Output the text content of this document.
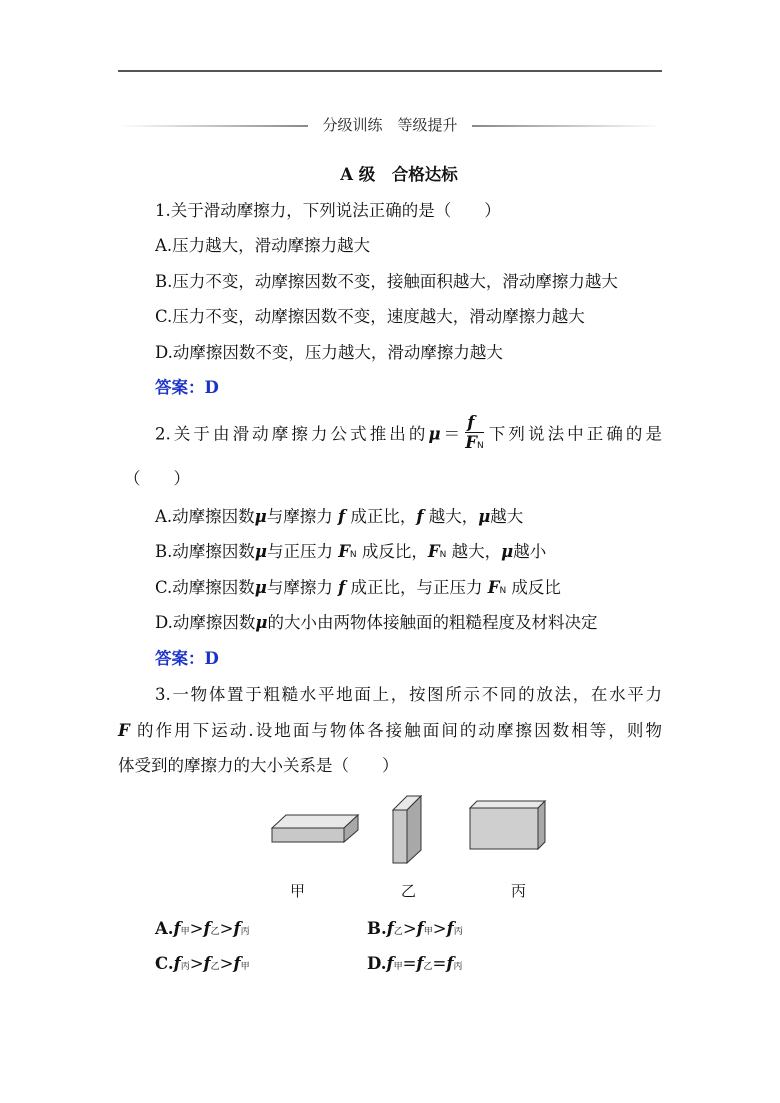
分级训练　等级提升
A 级　合格达标
1.关于滑动摩擦力，下列说法正确的是（　　）
A.压力越大，滑动摩擦力越大
B.压力不变，动摩擦因数不变，接触面积越大，滑动摩擦力越大
C.压力不变，动摩擦因数不变，速度越大，滑动摩擦力越大
D.动摩擦因数不变，压力越大，滑动摩擦力越大
答案：D
2.关于由滑动摩擦力公式推出的$\mu= \frac{f}{FN}$ 下列说法中正确的是
（　　）
A.动摩擦因数μ与摩擦力 f 成正比，f 越大，μ越大
B.动摩擦因数μ与正压力 FN 成反比，FN 越大，μ越小
C.动摩擦因数μ与摩擦力 f 成正比，与正压力 FN 成反比
D.动摩擦因数μ的大小由两物体接触面的粗糙程度及材料决定
答案：D
3.一物体置于粗糙水平地面上，按图所示不同的放法，在水平力
F 的作用下运动.设地面与物体各接触面间的动摩擦因数相等，则物
体受到的摩擦力的大小关系是（　　）
甲	乙	丙
A.f甲>f乙>f丙	B.f乙>f甲>f丙
C.f丙>f乙>f甲	D.f甲=f乙=f丙
